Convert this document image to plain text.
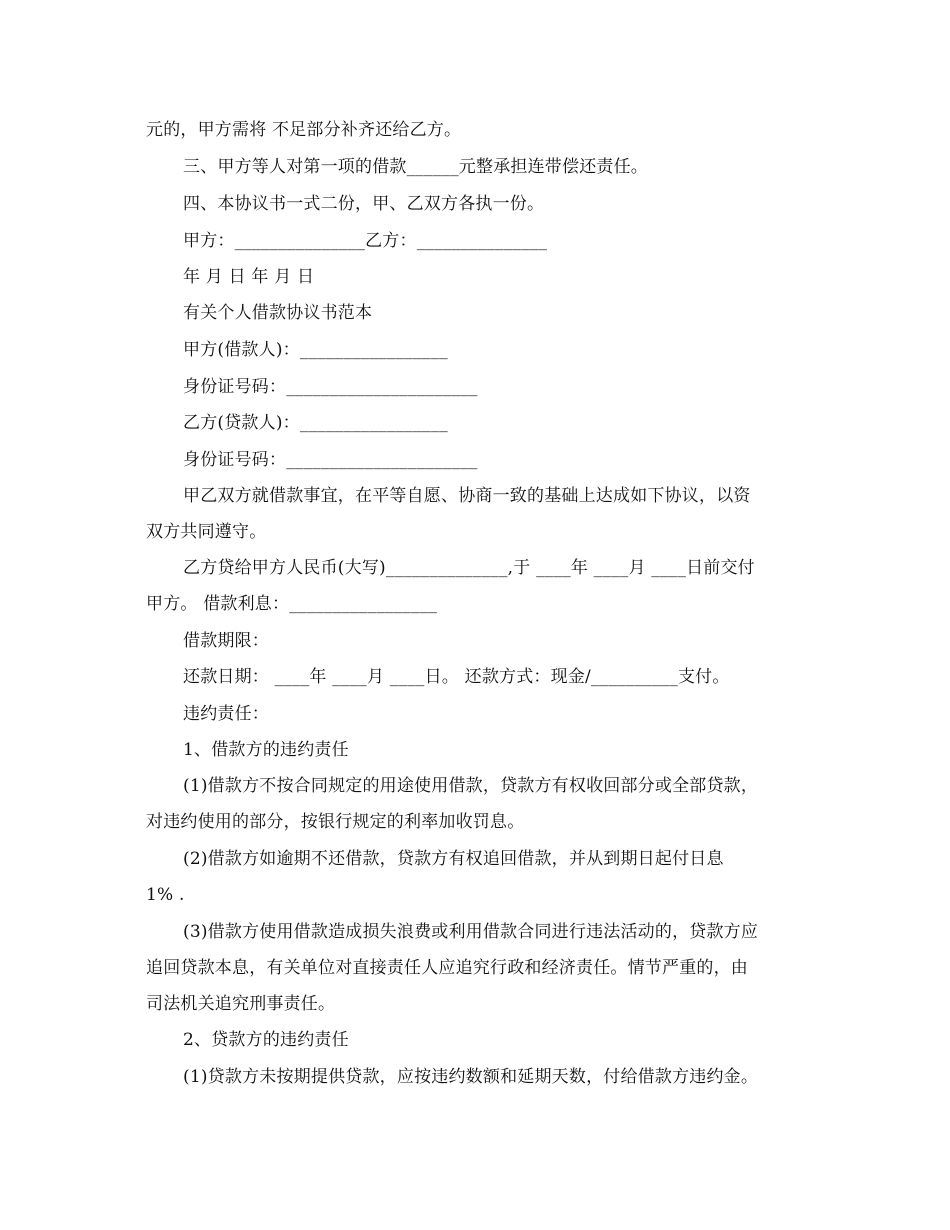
元的，甲方需将 不足部分补齐还给乙方。
三、甲方等人对第一项的借款______元整承担连带偿还责任。
四、本协议书一式二份，甲、乙双方各执一份。
甲方：_______________乙方：_______________
年 月 日 年 月 日
有关个人借款协议书范本
甲方(借款人)：_________________
身份证号码：______________________
乙方(贷款人)：_________________
身份证号码：______________________
甲乙双方就借款事宜，在平等自愿、协商一致的基础上达成如下协议，以资
双方共同遵守。
乙方贷给甲方人民币(大写)______________,于 ____年 ____月 ____日前交付
甲方。 借款利息：_________________
借款期限：
还款日期： ____年 ____月 ____日。 还款方式：现金/__________支付。
违约责任：
1、借款方的违约责任
(1)借款方不按合同规定的用途使用借款，贷款方有权收回部分或全部贷款，
对违约使用的部分，按银行规定的利率加收罚息。
(2)借款方如逾期不还借款，贷款方有权追回借款，并从到期日起付日息
1% .
(3)借款方使用借款造成损失浪费或利用借款合同进行违法活动的，贷款方应
追回贷款本息，有关单位对直接责任人应追究行政和经济责任。情节严重的，由
司法机关追究刑事责任。
2、贷款方的违约责任
(1)贷款方未按期提供贷款，应按违约数额和延期天数，付给借款方违约金。
